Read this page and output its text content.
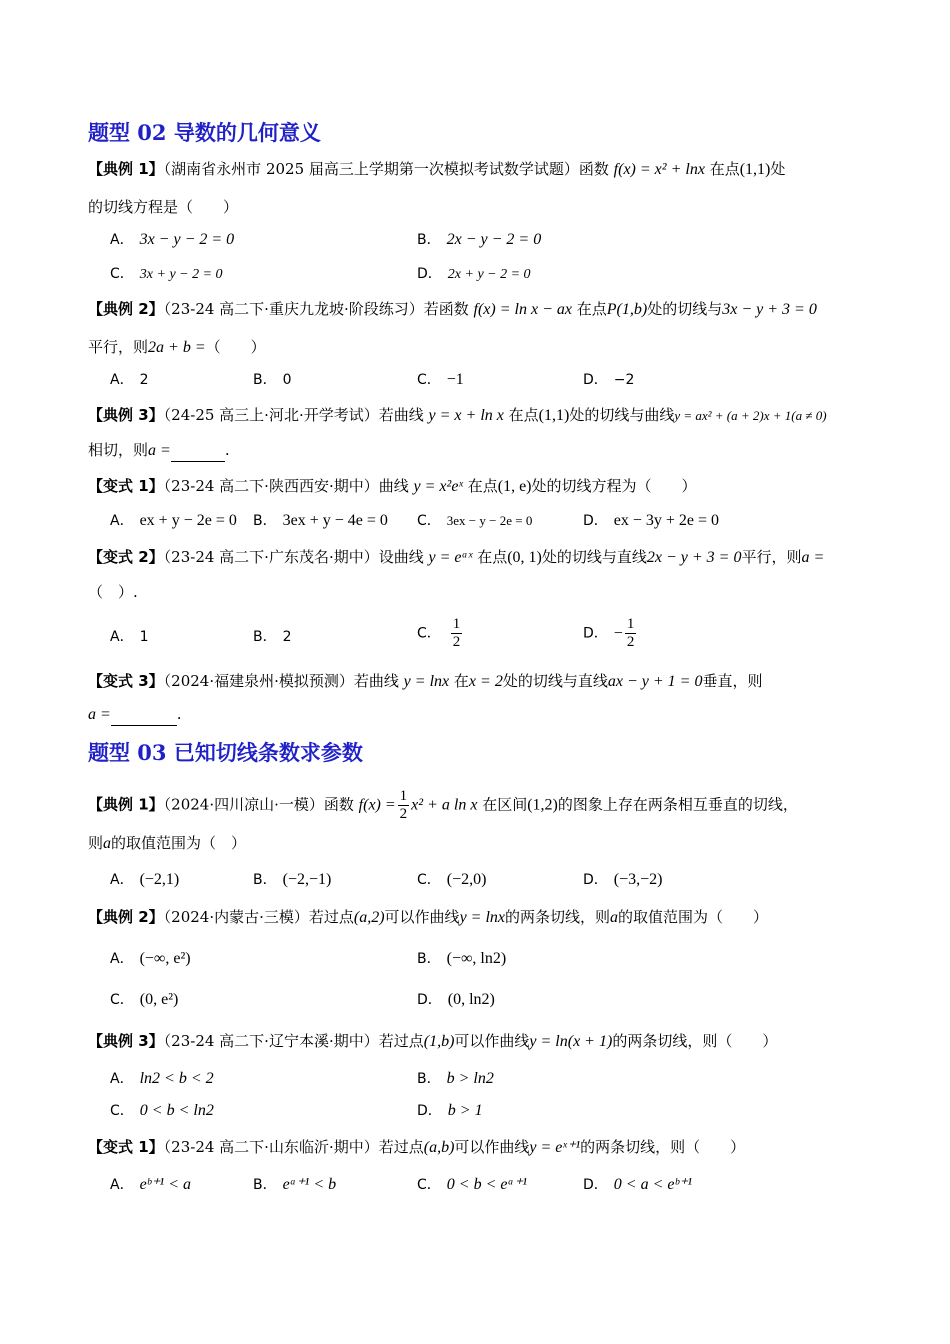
题型 02 导数的几何意义
【典例 1】（湖南省永州市 2025 届高三上学期第一次模拟考试数学试题）函数 f(x) = x² + lnx 在点(1,1)处
的切线方程是（　　）
A． 3x − y − 2 = 0	B． 2x − y − 2 = 0
C． 3x + y − 2 = 0	D． 2x + y − 2 = 0
【典例 2】（23-24 高二下·重庆九龙坡·阶段练习）若函数 f(x) = ln x − ax 在点P(1,b)处的切线与3x − y + 3 = 0
平行，则2a + b =（　　）
A． 2	B． 0	C． −1	D． −2
【典例 3】（24-25 高三上·河北·开学考试）若曲线 y = x + ln x 在点(1,1)处的切线与曲线y = ax² + (a + 2)x + 1(a ≠ 0)
相切，则a =	.
【变式 1】（23-24 高二下·陕西西安·期中）曲线 y = x²eˣ 在点(1, e)处的切线方程为（　　）
A． ex + y − 2e = 0 B． 3ex + y − 4e = 0 C． 3ex − y − 2e = 0	D． ex − 3y + 2e = 0
【变式 2】（23-24 高二下·广东茂名·期中）设曲线 y = eᵃˣ 在点(0, 1)处的切线与直线2x − y + 3 = 0平行，则a =
（　）.
A． 1	B． 2	C． $\frac{1}{2}$	D． − $\frac{1}{2}$
【变式 3】（2024·福建泉州·模拟预测）若曲线 y = lnx 在x = 2处的切线与直线ax − y + 1 = 0垂直，则
a =	.
题型 03 已知切线条数求参数
【典例 1】（2024·四川凉山·一模）函数 $f(x) = \frac{1}{2} x^2 + a$ ln x 在区间(1,2)的图象上存在两条相互垂直的切线，
则a的取值范围为（　）
A． (−2,1)	B． (−2,−1)	C． (−2,0)	D． (−3,−2)
【典例 2】（2024·内蒙古·三模）若过点(a,2)可以作曲线y = lnx的两条切线，则a的取值范围为（　　）
A． (−∞, e²)	B． (−∞, ln2)
C． (0, e²)	D． (0, ln2)
【典例 3】（23-24 高二下·辽宁本溪·期中）若过点(1,b)可以作曲线y = ln(x + 1)的两条切线，则（　　）
A． ln2 < b < 2	B． b > ln2
C． 0 < b < ln2	D． b > 1
【变式 1】（23-24 高二下·山东临沂·期中）若过点(a,b)可以作曲线y = eˣ⁺¹的两条切线，则（　　）
A． eᵇ⁺¹ < a	B． eᵃ⁺¹ < b	C． 0 < b < eᵃ⁺¹	D． 0 < a < eᵇ⁺¹
